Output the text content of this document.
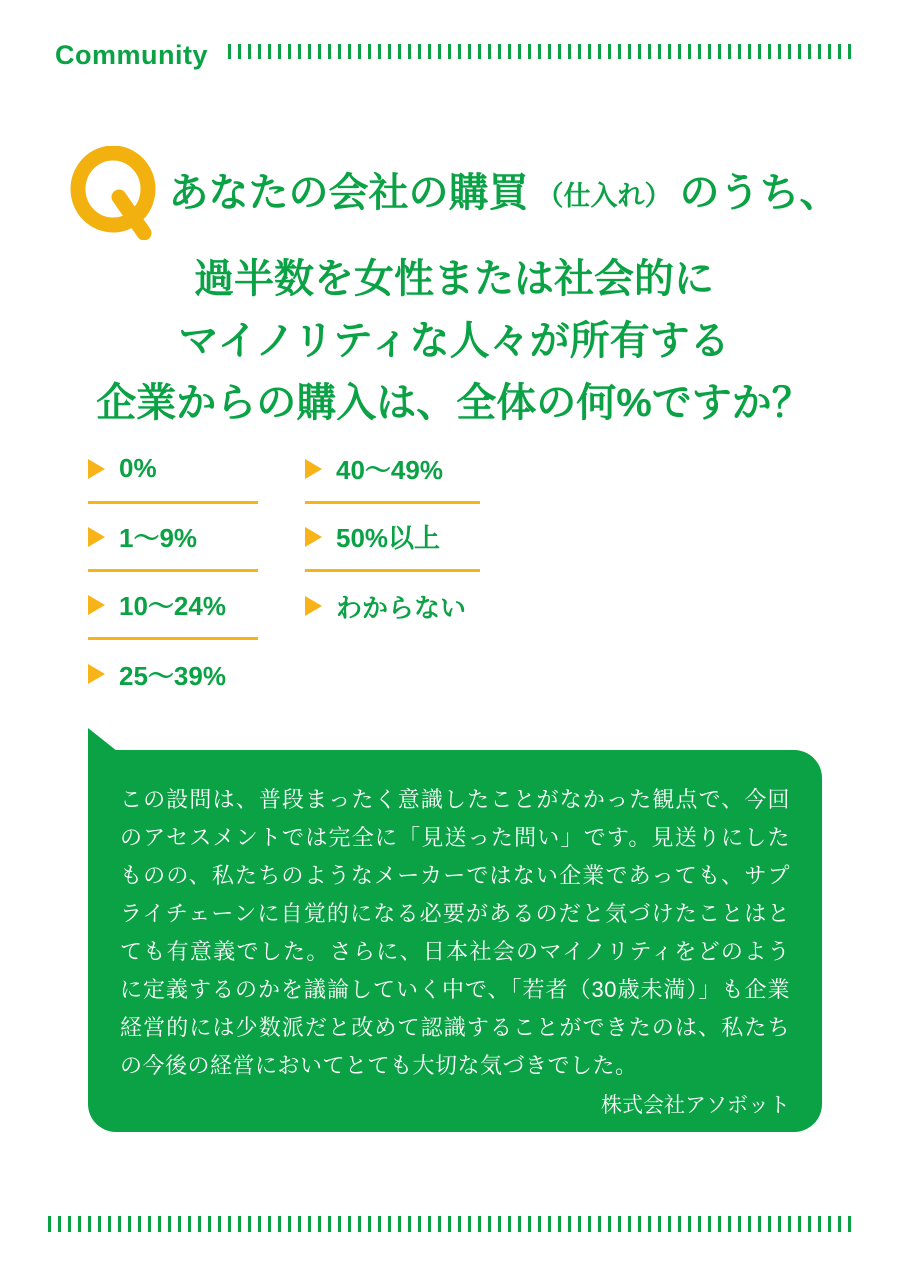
Community
あなたの会社の購買 （仕入れ） のうち、
過半数を女性または社会的に
マイノリティな人々が所有する
企業からの購入は、全体の何%ですか？
0%
1〜9%
10〜24%
25〜39%
40〜49%
50%以上
わからない
この設問は、普段まったく意識したことがなかった観点で、今回のアセスメントでは完全に「見送った問い」です。見送りにしたものの、私たちのようなメーカーではない企業であっても、サプライチェーンに自覚的になる必要があるのだと気づけたことはとても有意義でした。さらに、日本社会のマイノリティをどのように定義するのかを議論していく中で、「若者（30歳未満）」も企業経営的には少数派だと改めて認識することができたのは、私たちの今後の経営においてとても大切な気づきでした。
株式会社アソボット
